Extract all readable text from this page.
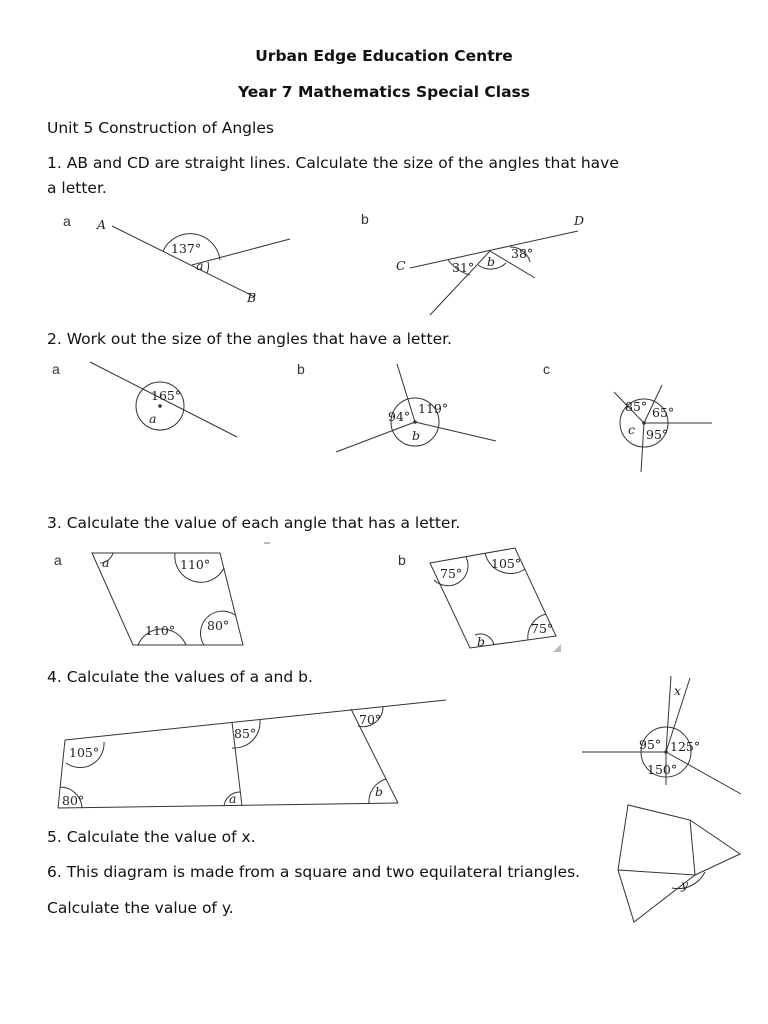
Urban Edge Education Centre
Year 7 Mathematics Special Class
Unit 5 Construction of Angles
1. AB and CD are straight lines. Calculate the size of the angles that have
a letter.
a	b
2. Work out the size of the angles that have a letter.
a	b	c
3. Calculate the value of each angle that has a letter.
a	b
4. Calculate the values of a and b.
5. Calculate the value of x.
6. This diagram is made from a square and two equilateral triangles.
Calculate the value of y.
A
B
137°
a	C
D
31°
38°
b
165°
a	94°
119°
b
85° 65°
95°
c
a	110°
110°	80°
75°
105°
75°
b
105°
80°
85°
70°
a	b
x
95° 125°
150°
y
